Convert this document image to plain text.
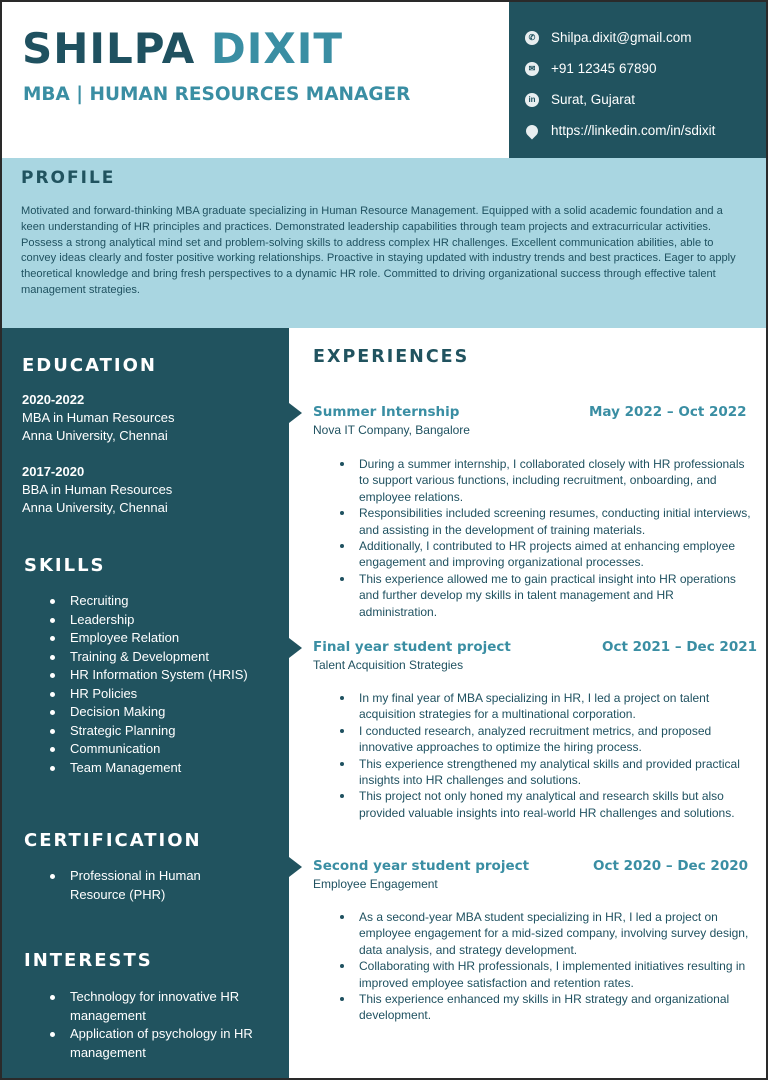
SHILPA DIXIT
MBA | HUMAN RESOURCES MANAGER
✆ Shilpa.dixit@gmail.com
✉ +91 12345 67890
in Surat, Gujarat
https://linkedin.com/in/sdixit
PROFILE

Motivated and forward-thinking MBA graduate specializing in Human Resource Management. Equipped with a solid academic foundation and a keen understanding of HR principles and practices. Demonstrated leadership capabilities through team projects and extracurricular activities. Possess a strong analytical mind set and problem-solving skills to address complex HR challenges. Excellent communication abilities, able to convey ideas clearly and foster positive working relationships. Proactive in staying updated with industry trends and best practices. Eager to apply theoretical knowledge and bring fresh perspectives to a dynamic HR role. Committed to driving organizational success through effective talent management strategies.

EDUCATION
2020-2022
MBA in Human Resources
Anna University, Chennai
2017-2020
BBA in Human Resources
Anna University, Chennai
SKILLS
Recruiting
Leadership
Employee Relation
Training & Development
HR Information System (HRIS)
HR Policies
Decision Making
Strategic Planning
Communication
Team Management
CERTIFICATION
Professional in Human Resource (PHR)
INTERESTS
Technology for innovative HR management
Application of psychology in HR management
EXPERIENCES
Summer Internship	May 2022 – Oct 2022
Nova IT Company, Bangalore
During a summer internship, I collaborated closely with HR professionals to support various functions, including recruitment, onboarding, and employee relations.
Responsibilities included screening resumes, conducting initial interviews, and assisting in the development of training materials.
Additionally, I contributed to HR projects aimed at enhancing employee engagement and improving organizational processes.
This experience allowed me to gain practical insight into HR operations and further develop my skills in talent management and HR administration.
Final year student project	Oct 2021 – Dec 2021
Talent Acquisition Strategies
In my final year of MBA specializing in HR, I led a project on talent acquisition strategies for a multinational corporation.
I conducted research, analyzed recruitment metrics, and proposed innovative approaches to optimize the hiring process.
This experience strengthened my analytical skills and provided practical insights into HR challenges and solutions.
This project not only honed my analytical and research skills but also provided valuable insights into real-world HR challenges and solutions.
Second year student project	Oct 2020 – Dec 2020
Employee Engagement
As a second-year MBA student specializing in HR, I led a project on employee engagement for a mid-sized company, involving survey design, data analysis, and strategy development.
Collaborating with HR professionals, I implemented initiatives resulting in improved employee satisfaction and retention rates.
This experience enhanced my skills in HR strategy and organizational development.
